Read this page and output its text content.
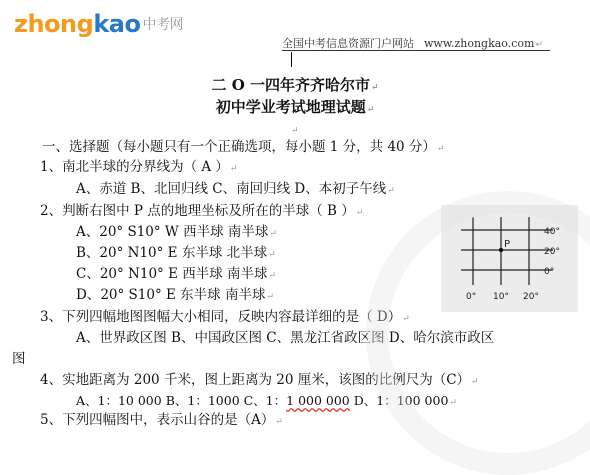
zhongkao 中考网
全国中考信息资源门户网站 www.zhongkao.com↵
二 O 一四年齐齐哈尔市↵
初中学业考试地理试题↵
↵
一、选择题（每小题只有一个正确选项，每小题 1 分，共 40 分）↵
1、南北半球的分界线为（ A ）↵
A、赤道 B、北回归线 C、南回归线 D、本初子午线↵
2、判断右图中 P 点的地理坐标及所在的半球（ B ）↵
A、20° S10° W 西半球 南半球↵
B、20° N10° E 东半球 北半球↵
C、20° N10° E 西半球 南半球↵
D、20° S10° E 东半球 南半球↵
P
40°
20°
0°
0° 10° 20°
3、下列四幅地图图幅大小相同，反映内容最详细的是（ D）↵
A、世界政区图 B、中国政区图 C、黑龙江省政区图 D、哈尔滨市政区
图
4、实地距离为 200 千米，图上距离为 20 厘米，该图的比例尺为（C）↵
A、1：10 000 B、1：1000 C、1：1 000 000 D、1：100 000↵
5、下列四幅图中，表示山谷的是（A）↵
